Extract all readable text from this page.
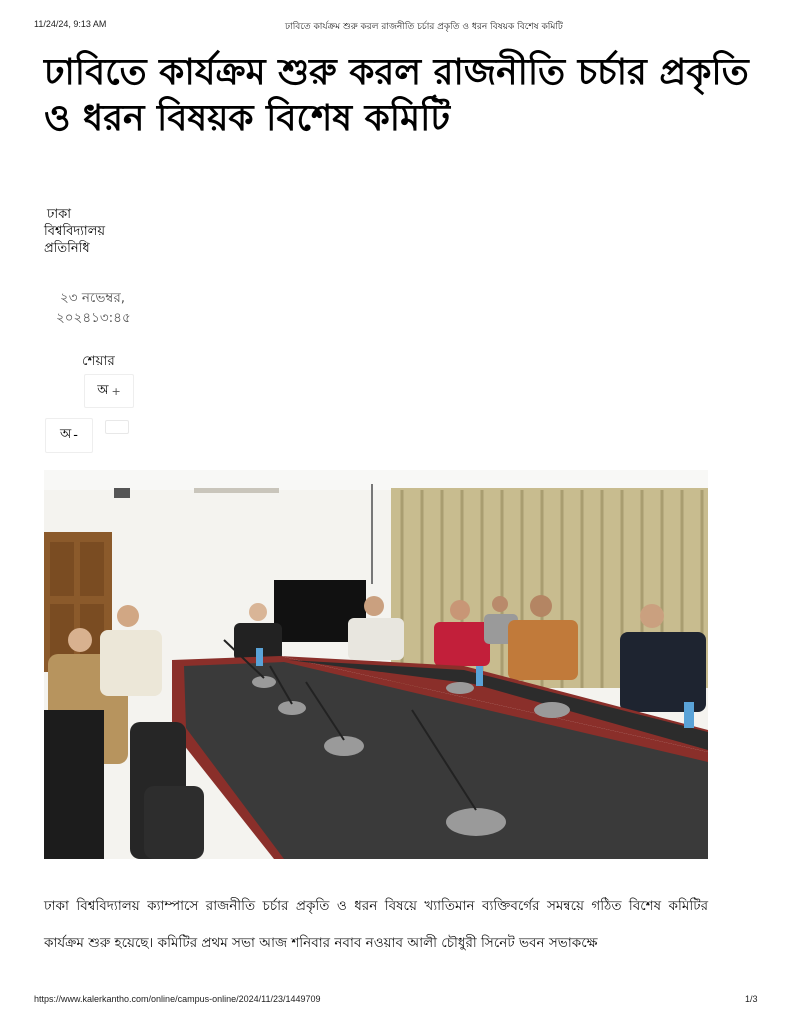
11/24/24, 9:13 AM	ঢাবিতে কার্যক্রম শুরু করল রাজনীতি চর্চার প্রকৃতি ও ধরন বিষয়ক বিশেষ কমিটি
ঢাবিতে কার্যক্রম শুরু করল রাজনীতি চর্চার প্রকৃতি ও ধরন বিষয়ক বিশেষ কমিটি
ঢাকা
বিশ্ববিদ্যালয়
প্রতিনিধি
২৩ নভেম্বর,
২০২৪১৩:৪৫
শেয়ার
অ +
অ -

ঢাকা বিশ্ববিদ্যালয় ক্যাম্পাসে রাজনীতি চর্চার প্রকৃতি ও ধরন বিষয়ে খ্যাতিমান ব্যক্তিবর্গের সমন্বয়ে গঠিত বিশেষ কমিটির কার্যক্রম শুরু হয়েছে। কমিটির প্রথম সভা আজ শনিবার নবাব নওয়াব আলী চৌধুরী সিনেট ভবন সভাকক্ষে

https://www.kalerkantho.com/online/campus-online/2024/11/23/1449709	1/3
